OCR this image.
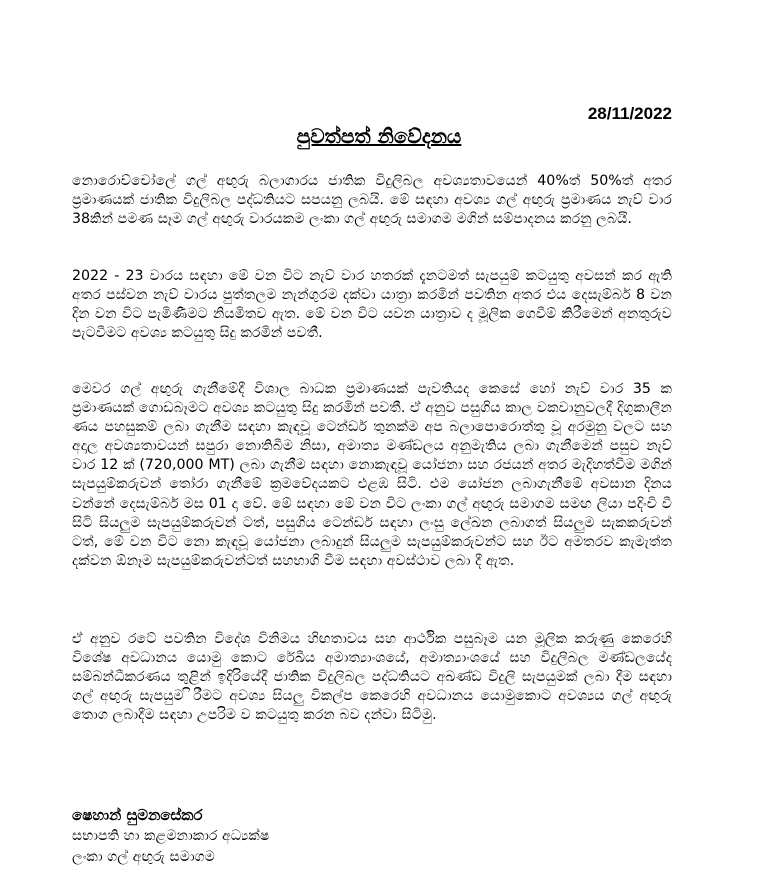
28/11/2022
පුවත්පත් නිවේදනය

නොරොච්චෝලේ ගල් අඟුරු බලාගාරය ජාතික විදුලිබල අවශ්‍යතාවයෙන් 40%ත් 50%ත් අතර ප්‍රමාණයක් ජාතික විදුලිබල පද්ධතියට සපයනු ලබයි. මේ සඳහා අවශ්‍ය ගල් අඟුරු ප්‍රමාණය නැව් වාර 38කින් පමණ සෑම ගල් අඟුරු වාරයකම ලංකා ගල් අඟුරු සමාගම මගින් සම්පාදනය කරනු ලබයි.

2022 - 23 වාරය සඳහා මේ වන විට නැව් වාර හතරක් දැනටමත් සැපයුම් කටයුතු අවසන් කර ඇති අතර පස්වන නැව් වාරය පුත්තලම නැන්ගුරම දක්වා යාත්‍රා කරමින් පවතින අතර එය දෙසැම්බර් 8 වන දින වන විට පැමිණීමට නියමිතව ඇත. මේ වන විට යවන යාත්‍රාව ද මූලික ගෙවීම් කිරීමෙන් අනතුරුව පැටවීමට අවශ්‍ය කටයුතු සිදු කරමින් පවතී.

මෙවර ගල් අඟුරු ගැනීමේදී විශාල බාධක ප්‍රමාණයක් පැවතියද කෙසේ හෝ නැව් වාර 35 ක ප්‍රමාණයක් ගොඩබෑමට අවශ්‍ය කටයුතු සිදු කරමින් පවතී. ඒ අනුව පසුගිය කාල වකවානුවලදී දිගුකාලීන ණය පහසුකම් ලබා ගැනීම සඳහා කැඳවූ ටෙන්ඩර් තුනක්ම අප බලාපොරොත්තු වූ අරමුනු වලට සහ අදාල අවශ්‍යතාවයන් සපුරා නොතිබීම නිසා, අමාත්‍ය මණ්ඩලය අනුමැතිය ලබා ගැනීමෙන් පසුව නැව් වාර 12 ක් (720,000 MT) ලබා ගැනීම සඳහා නොකැඳවූ යෝජනා සහ රජයන් අතර මැදිහත්වීම මගින් සැපයුම්කරුවන් තෝරා ගැනීමේ ක්‍රමවේදයකට එළඹ සිටි. එම යෝජන ලබාගැනීමේ අවසාන දිනය වන්නේ දෙසැම්බර් මස 01 දා වේ. මේ සඳහා මේ වන විට ලංකා ගල් අඟුරු සමාගම සමඟ ලියා පදිංචි වී සිටි සියලුම සැපයුම්කරුවන් ටත්, පසුගිය ටෙන්ඩර් සඳහා ලංසු ලේඛන ලබාගත් සියලුම සැකකරුවන් ටත්, මේ වන විට නො කැඳවූ යෝජනා ලබාදුන් සියලුම සැපයුම්කරුවන්ට සහ ඊට අමතරව කැමැත්ත දක්වන ඕනෑම සැපයුම්කරුවන්ටත් සහභාගි වීම සඳහා අවස්ථාව ලබා දී ඇත.

ඒ අනුව රටේ පවතින විදේශ විනිමය හිඟතාවය සහ ආර්ථික පසුබෑම යන මූලික කරුණු කෙරෙහි විශේෂ අවධානය යොමු කොට රේඛීය අමාත්‍යාංශයේ, අමාත්‍යාංශයේ සහ විදුලිබල මණ්ඩලයේද සම්බන්ධීකරණය තුළින් ඉදිරියේදී ජාතික විදුලිබල පද්ධතියට අඛණ්ඩ විදුලි සැපයුමක් ලබා දීම සඳහා ගල් අඟුරු සැපයුම ිරීමට අවශ්‍ය සියලු විකල්ප කෙරෙහි අවධානය යොමුකොට අවශ්‍යය ගල් අඟුරු තොග ලබාදීම සඳහා උපරිම ව කටයුතු කරන බව දන්වා සිටිමු.

ෂෙහාන් සුමනසේකර
සභාපති හා කළමනාකාර අධ්‍යක්ෂ
ලංකා ගල් අඟුරු සමාගම
